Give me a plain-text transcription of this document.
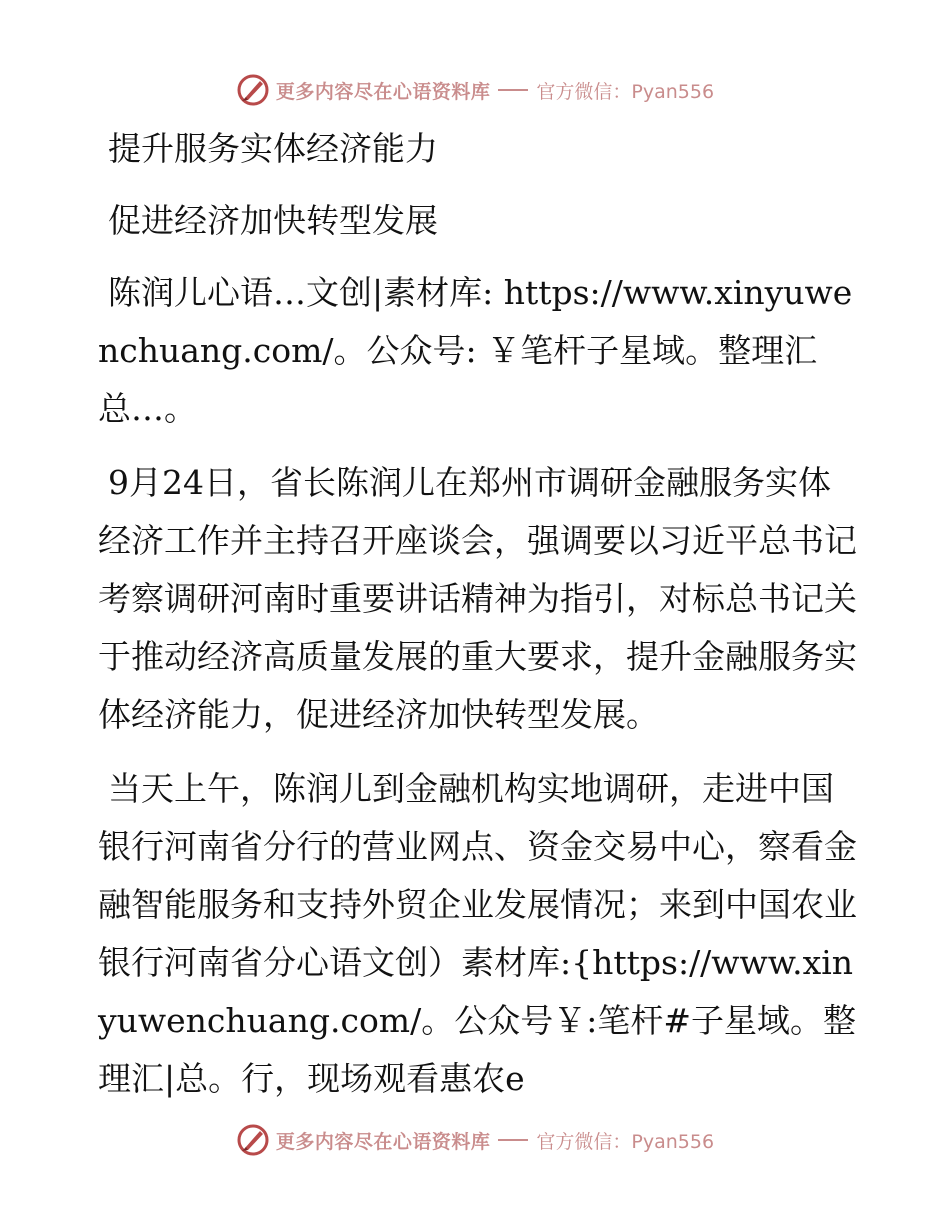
更多内容尽在心语资料库 官方微信：Pyan556

提升服务实体经济能力

促进经济加快转型发展

陈润儿心语…文创|素材库: https://www.xinyuwenchuang.com/。公众号: ￥笔杆子星域。整理汇总…。

9月24日，省长陈润儿在郑州市调研金融服务实体经济工作并主持召开座谈会，强调要以习近平总书记考察调研河南时重要讲话精神为指引，对标总书记关于推动经济高质量发展的重大要求，提升金融服务实体经济能力，促进经济加快转型发展。

当天上午，陈润儿到金融机构实地调研，走进中国银行河南省分行的营业网点、资金交易中心，察看金融智能服务和支持外贸企业发展情况；来到中国农业银行河南省分心语文创）素材库:{https://www.xinyuwenchuang.com/。公众号￥:笔杆#子星域。整理汇|总。行，现场观看惠农e

更多内容尽在心语资料库 官方微信：Pyan556
